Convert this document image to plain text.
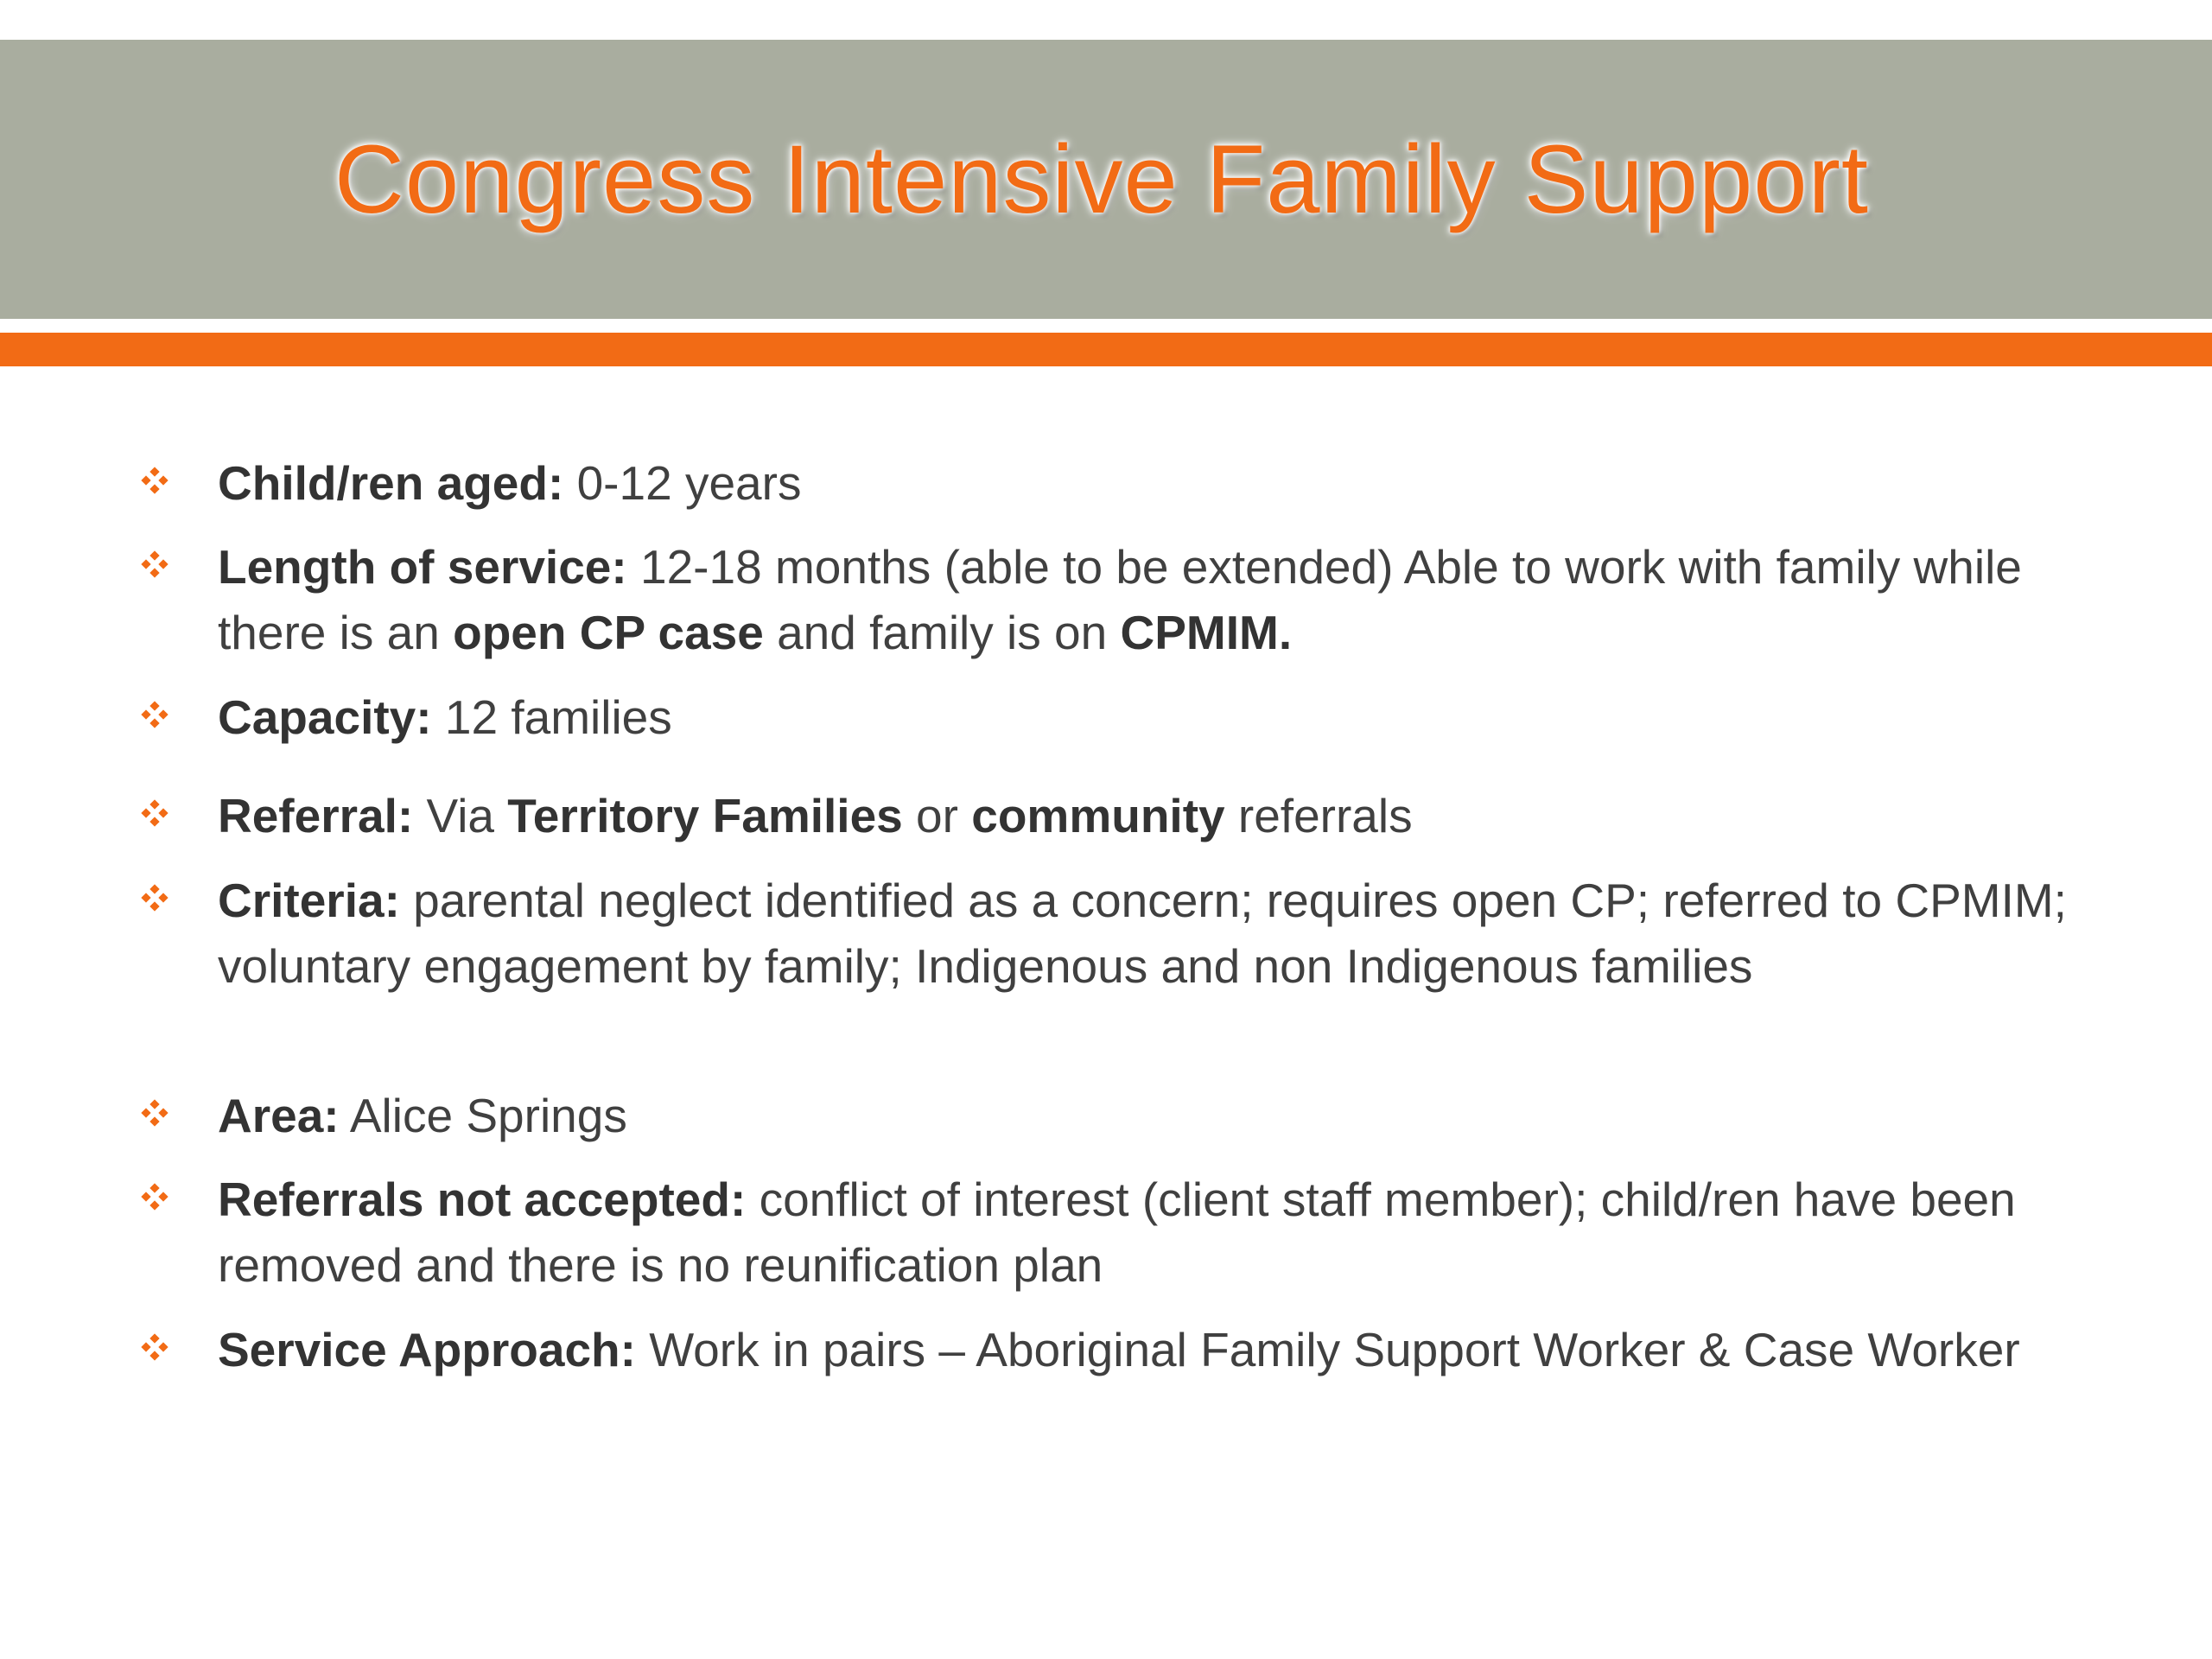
Congress Intensive Family Support
Child/ren aged: 0-12 years
Length of service: 12-18 months (able to be extended) Able to work with family while there is an open CP case and family is on CPMIM.
Capacity: 12 families
Referral: Via Territory Families or community referrals
Criteria: parental neglect identified as a concern; requires open CP; referred to CPMIM; voluntary engagement by family; Indigenous and non Indigenous families
Area: Alice Springs
Referrals not accepted: conflict of interest (client staff member); child/ren have been removed and there is no reunification plan
Service Approach: Work in pairs – Aboriginal Family Support Worker & Case Worker
